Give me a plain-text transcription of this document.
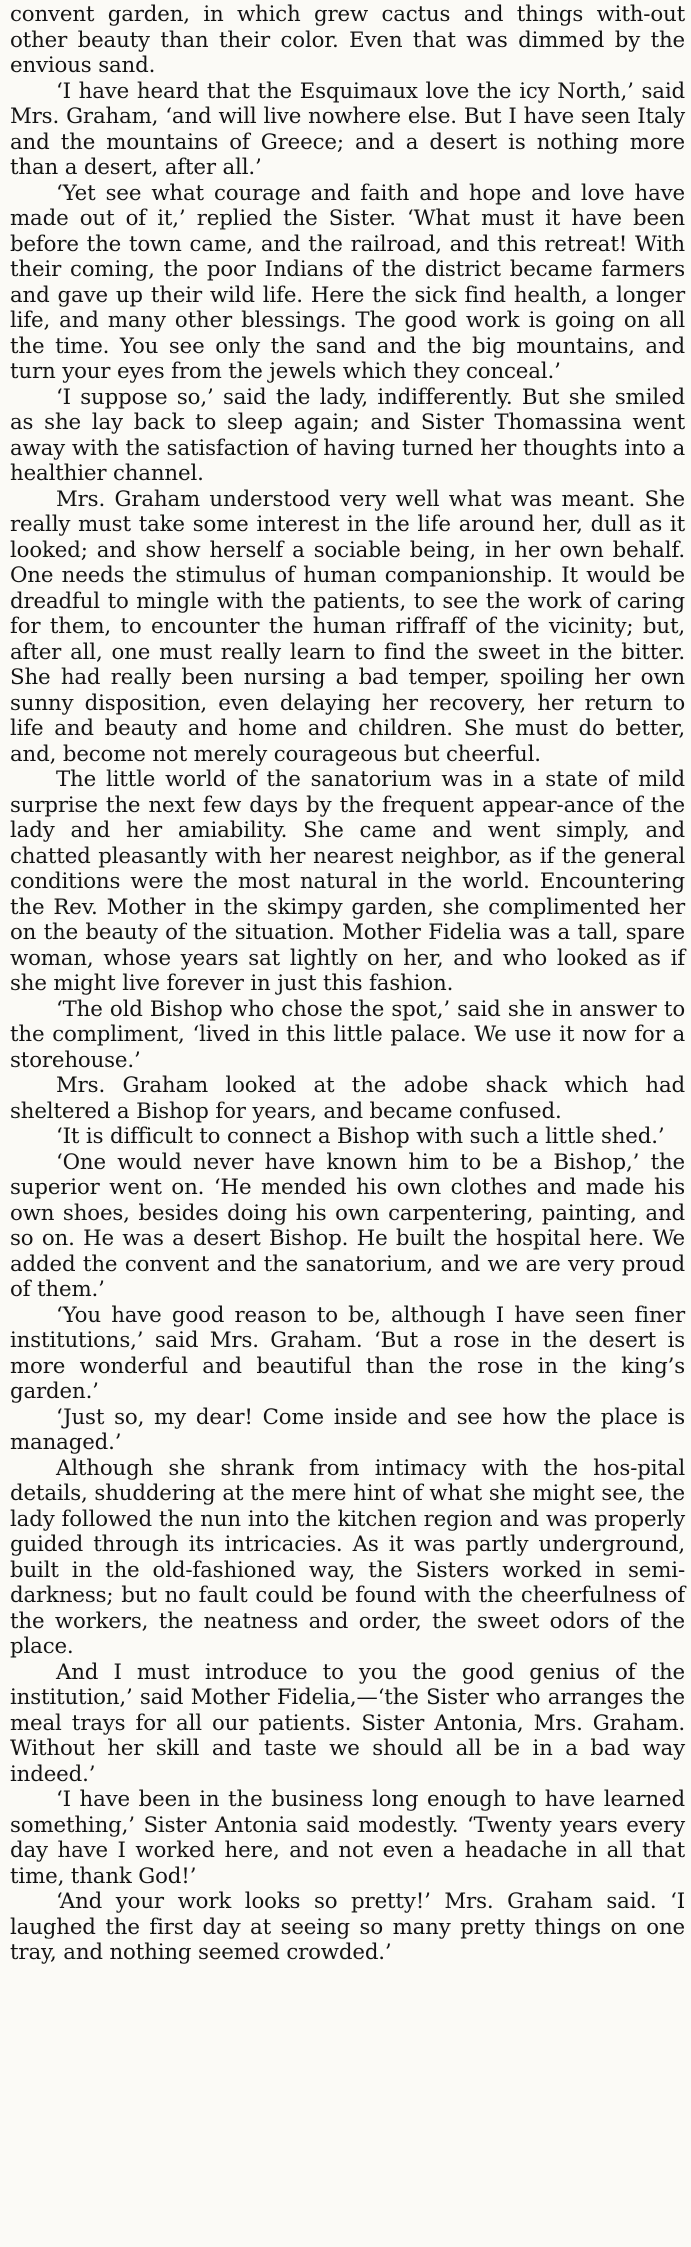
convent garden, in which grew cactus and things with-out other beauty than their color. Even that was dimmed by the envious sand.

‘I have heard that the Esquimaux love the icy North,’ said Mrs. Graham, ‘and will live nowhere else. But I have seen Italy and the mountains of Greece; and a desert is nothing more than a desert, after all.’

‘Yet see what courage and faith and hope and love have made out of it,’ replied the Sister. ‘What must it have been before the town came, and the railroad, and this retreat! With their coming, the poor Indians of the district became farmers and gave up their wild life. Here the sick find health, a longer life, and many other blessings. The good work is going on all the time. You see only the sand and the big mountains, and turn your eyes from the jewels which they conceal.’

‘I suppose so,’ said the lady, indifferently. But she smiled as she lay back to sleep again; and Sister Thomassina went away with the satisfaction of having turned her thoughts into a healthier channel.

Mrs. Graham understood very well what was meant. She really must take some interest in the life around her, dull as it looked; and show herself a sociable being, in her own behalf. One needs the stimulus of human companionship. It would be dreadful to mingle with the patients, to see the work of caring for them, to encounter the human riffraff of the vicinity; but, after all, one must really learn to find the sweet in the bitter. She had really been nursing a bad temper, spoiling her own sunny disposition, even delaying her recovery, her return to life and beauty and home and children. She must do better, and, become not merely courageous but cheerful.

The little world of the sanatorium was in a state of mild surprise the next few days by the frequent appear-ance of the lady and her amiability. She came and went simply, and chatted pleasantly with her nearest neighbor, as if the general conditions were the most natural in the world. Encountering the Rev. Mother in the skimpy garden, she complimented her on the beauty of the situation. Mother Fidelia was a tall, spare woman, whose years sat lightly on her, and who looked as if she might live forever in just this fashion.

‘The old Bishop who chose the spot,’ said she in answer to the compliment, ‘lived in this little palace. We use it now for a storehouse.’

Mrs. Graham looked at the adobe shack which had sheltered a Bishop for years, and became confused.

‘It is difficult to connect a Bishop with such a little shed.’

‘One would never have known him to be a Bishop,’ the superior went on. ‘He mended his own clothes and made his own shoes, besides doing his own carpentering, painting, and so on. He was a desert Bishop. He built the hospital here. We added the convent and the sanatorium, and we are very proud of them.’

‘You have good reason to be, although I have seen finer institutions,’ said Mrs. Graham. ‘But a rose in the desert is more wonderful and beautiful than the rose in the king’s garden.’

‘Just so, my dear! Come inside and see how the place is managed.’

Although she shrank from intimacy with the hos-pital details, shuddering at the mere hint of what she might see, the lady followed the nun into the kitchen region and was properly guided through its intricacies. As it was partly underground, built in the old-fashioned way, the Sisters worked in semi-darkness; but no fault could be found with the cheerfulness of the workers, the neatness and order, the sweet odors of the place.

And I must introduce to you the good genius of the institution,’ said Mother Fidelia,—‘the Sister who arranges the meal trays for all our patients. Sister Antonia, Mrs. Graham. Without her skill and taste we should all be in a bad way indeed.’

‘I have been in the business long enough to have learned something,’ Sister Antonia said modestly. ‘Twenty years every day have I worked here, and not even a headache in all that time, thank God!’

‘And your work looks so pretty!’ Mrs. Graham said. ‘I laughed the first day at seeing so many pretty things on one tray, and nothing seemed crowded.’
